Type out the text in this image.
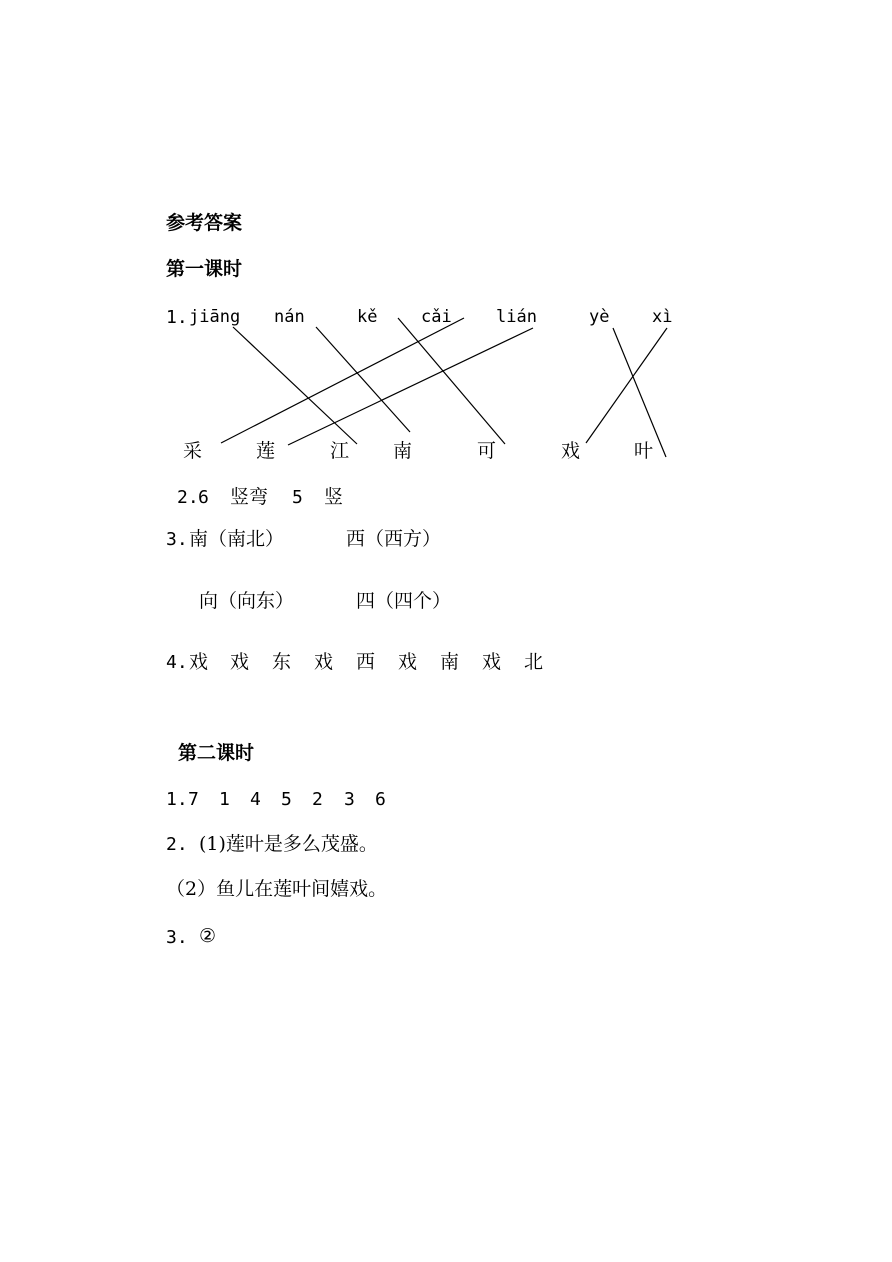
参考答案
第一课时
1. jiāng nán	kě	cǎi	lián	yè	xì
采	莲	江 南	可	戏	叶
2. 6 竖弯 5 竖
3. 南（南北）	西（西方）
向（向东）	四（四个）
4. 戏 戏 东 戏 西 戏 南 戏 北
第二课时
1. 7 1 4 5 2 3 6
2. (1)莲叶是多么茂盛。
（2）鱼儿在莲叶间嬉戏。
3. ②
